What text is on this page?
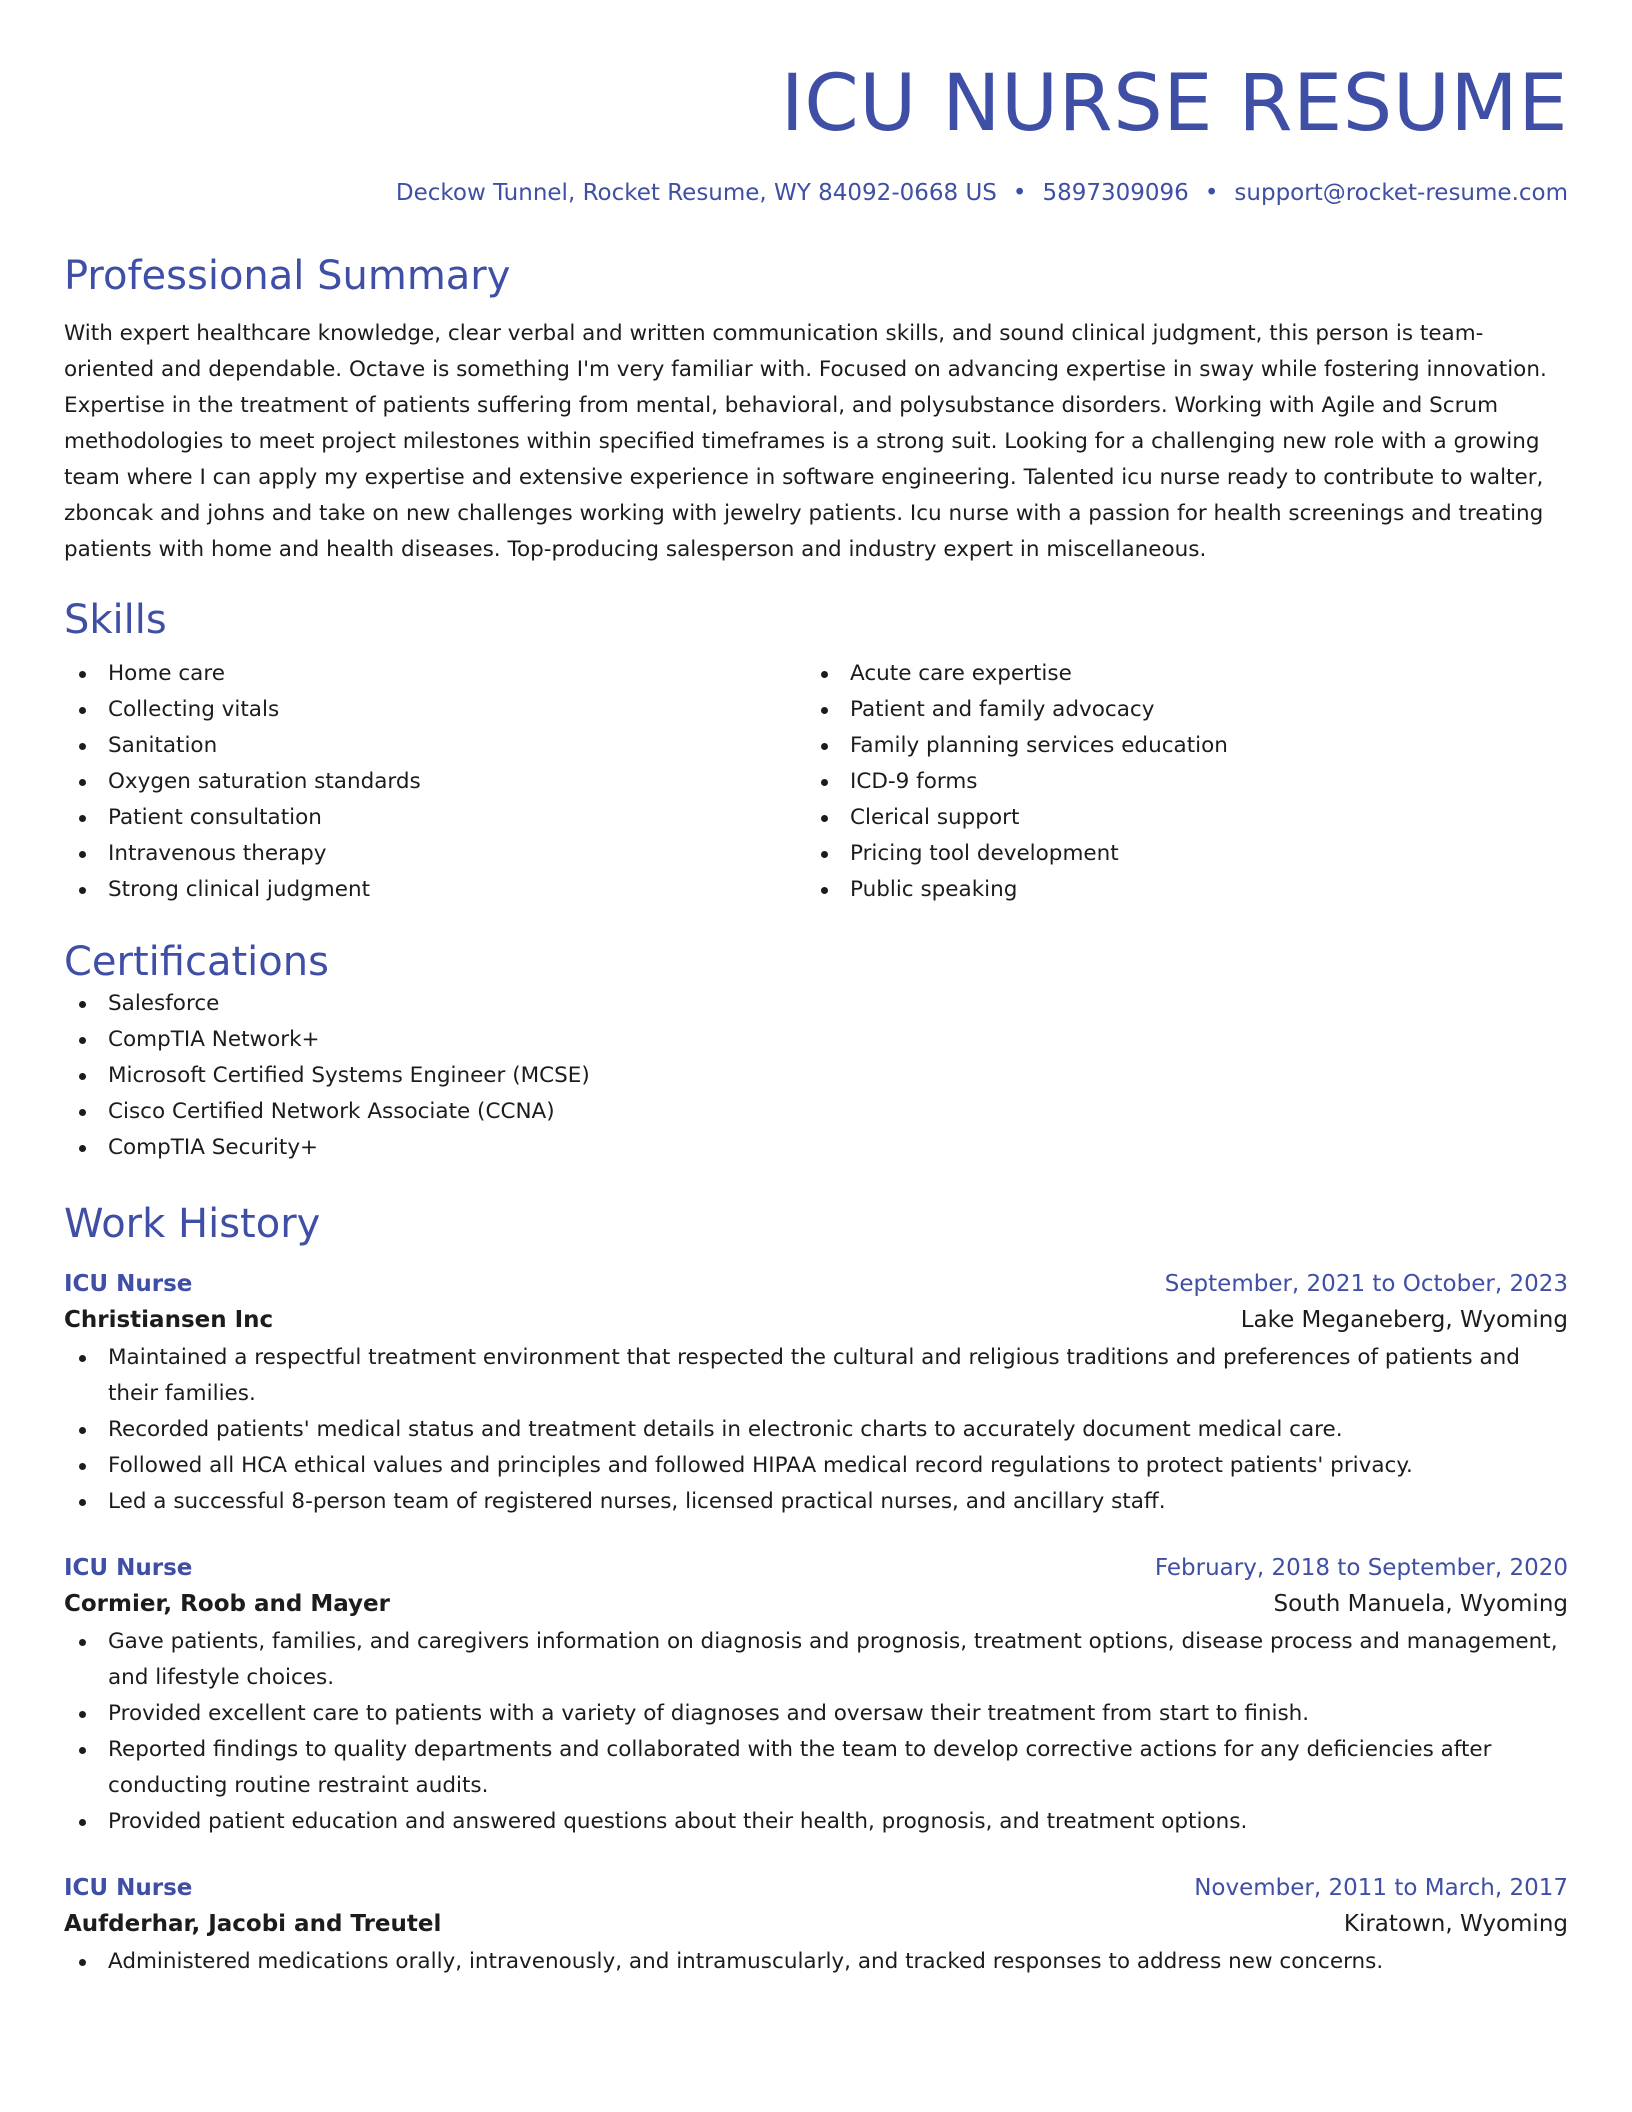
ICU NURSE RESUME
Deckow Tunnel, Rocket Resume, WY 84092-0668 US • 5897309096 • support@rocket-resume.com
Professional Summary

With expert healthcare knowledge, clear verbal and written communication skills, and sound clinical judgment, this person is team-oriented and dependable. Octave is something I'm very familiar with. Focused on advancing expertise in sway while fostering innovation. Expertise in the treatment of patients suffering from mental, behavioral, and polysubstance disorders. Working with Agile and Scrum methodologies to meet project milestones within specified timeframes is a strong suit. Looking for a challenging new role with a growing team where I can apply my expertise and extensive experience in software engineering. Talented icu nurse ready to contribute to walter, zboncak and johns and take on new challenges working with jewelry patients. Icu nurse with a passion for health screenings and treating patients with home and health diseases. Top-producing salesperson and industry expert in miscellaneous.

Skills
Home care
Collecting vitals
Sanitation
Oxygen saturation standards
Patient consultation
Intravenous therapy
Strong clinical judgment
Acute care expertise
Patient and family advocacy
Family planning services education
ICD-9 forms
Clerical support
Pricing tool development
Public speaking
Certifications
Salesforce
CompTIA Network+
Microsoft Certified Systems Engineer (MCSE)
Cisco Certified Network Associate (CCNA)
CompTIA Security+
Work History
ICU Nurse	September, 2021 to October, 2023
Christiansen Inc	Lake Meganeberg, Wyoming
Maintained a respectful treatment environment that respected the cultural and religious traditions and preferences of patients and their families.
Recorded patients' medical status and treatment details in electronic charts to accurately document medical care.
Followed all HCA ethical values and principles and followed HIPAA medical record regulations to protect patients' privacy.
Led a successful 8-person team of registered nurses, licensed practical nurses, and ancillary staff.
ICU Nurse	February, 2018 to September, 2020
Cormier, Roob and Mayer	South Manuela, Wyoming
Gave patients, families, and caregivers information on diagnosis and prognosis, treatment options, disease process and management, and lifestyle choices.
Provided excellent care to patients with a variety of diagnoses and oversaw their treatment from start to finish.
Reported findings to quality departments and collaborated with the team to develop corrective actions for any deficiencies after conducting routine restraint audits.
Provided patient education and answered questions about their health, prognosis, and treatment options.
ICU Nurse	November, 2011 to March, 2017
Aufderhar, Jacobi and Treutel	Kiratown, Wyoming
Administered medications orally, intravenously, and intramuscularly, and tracked responses to address new concerns.
